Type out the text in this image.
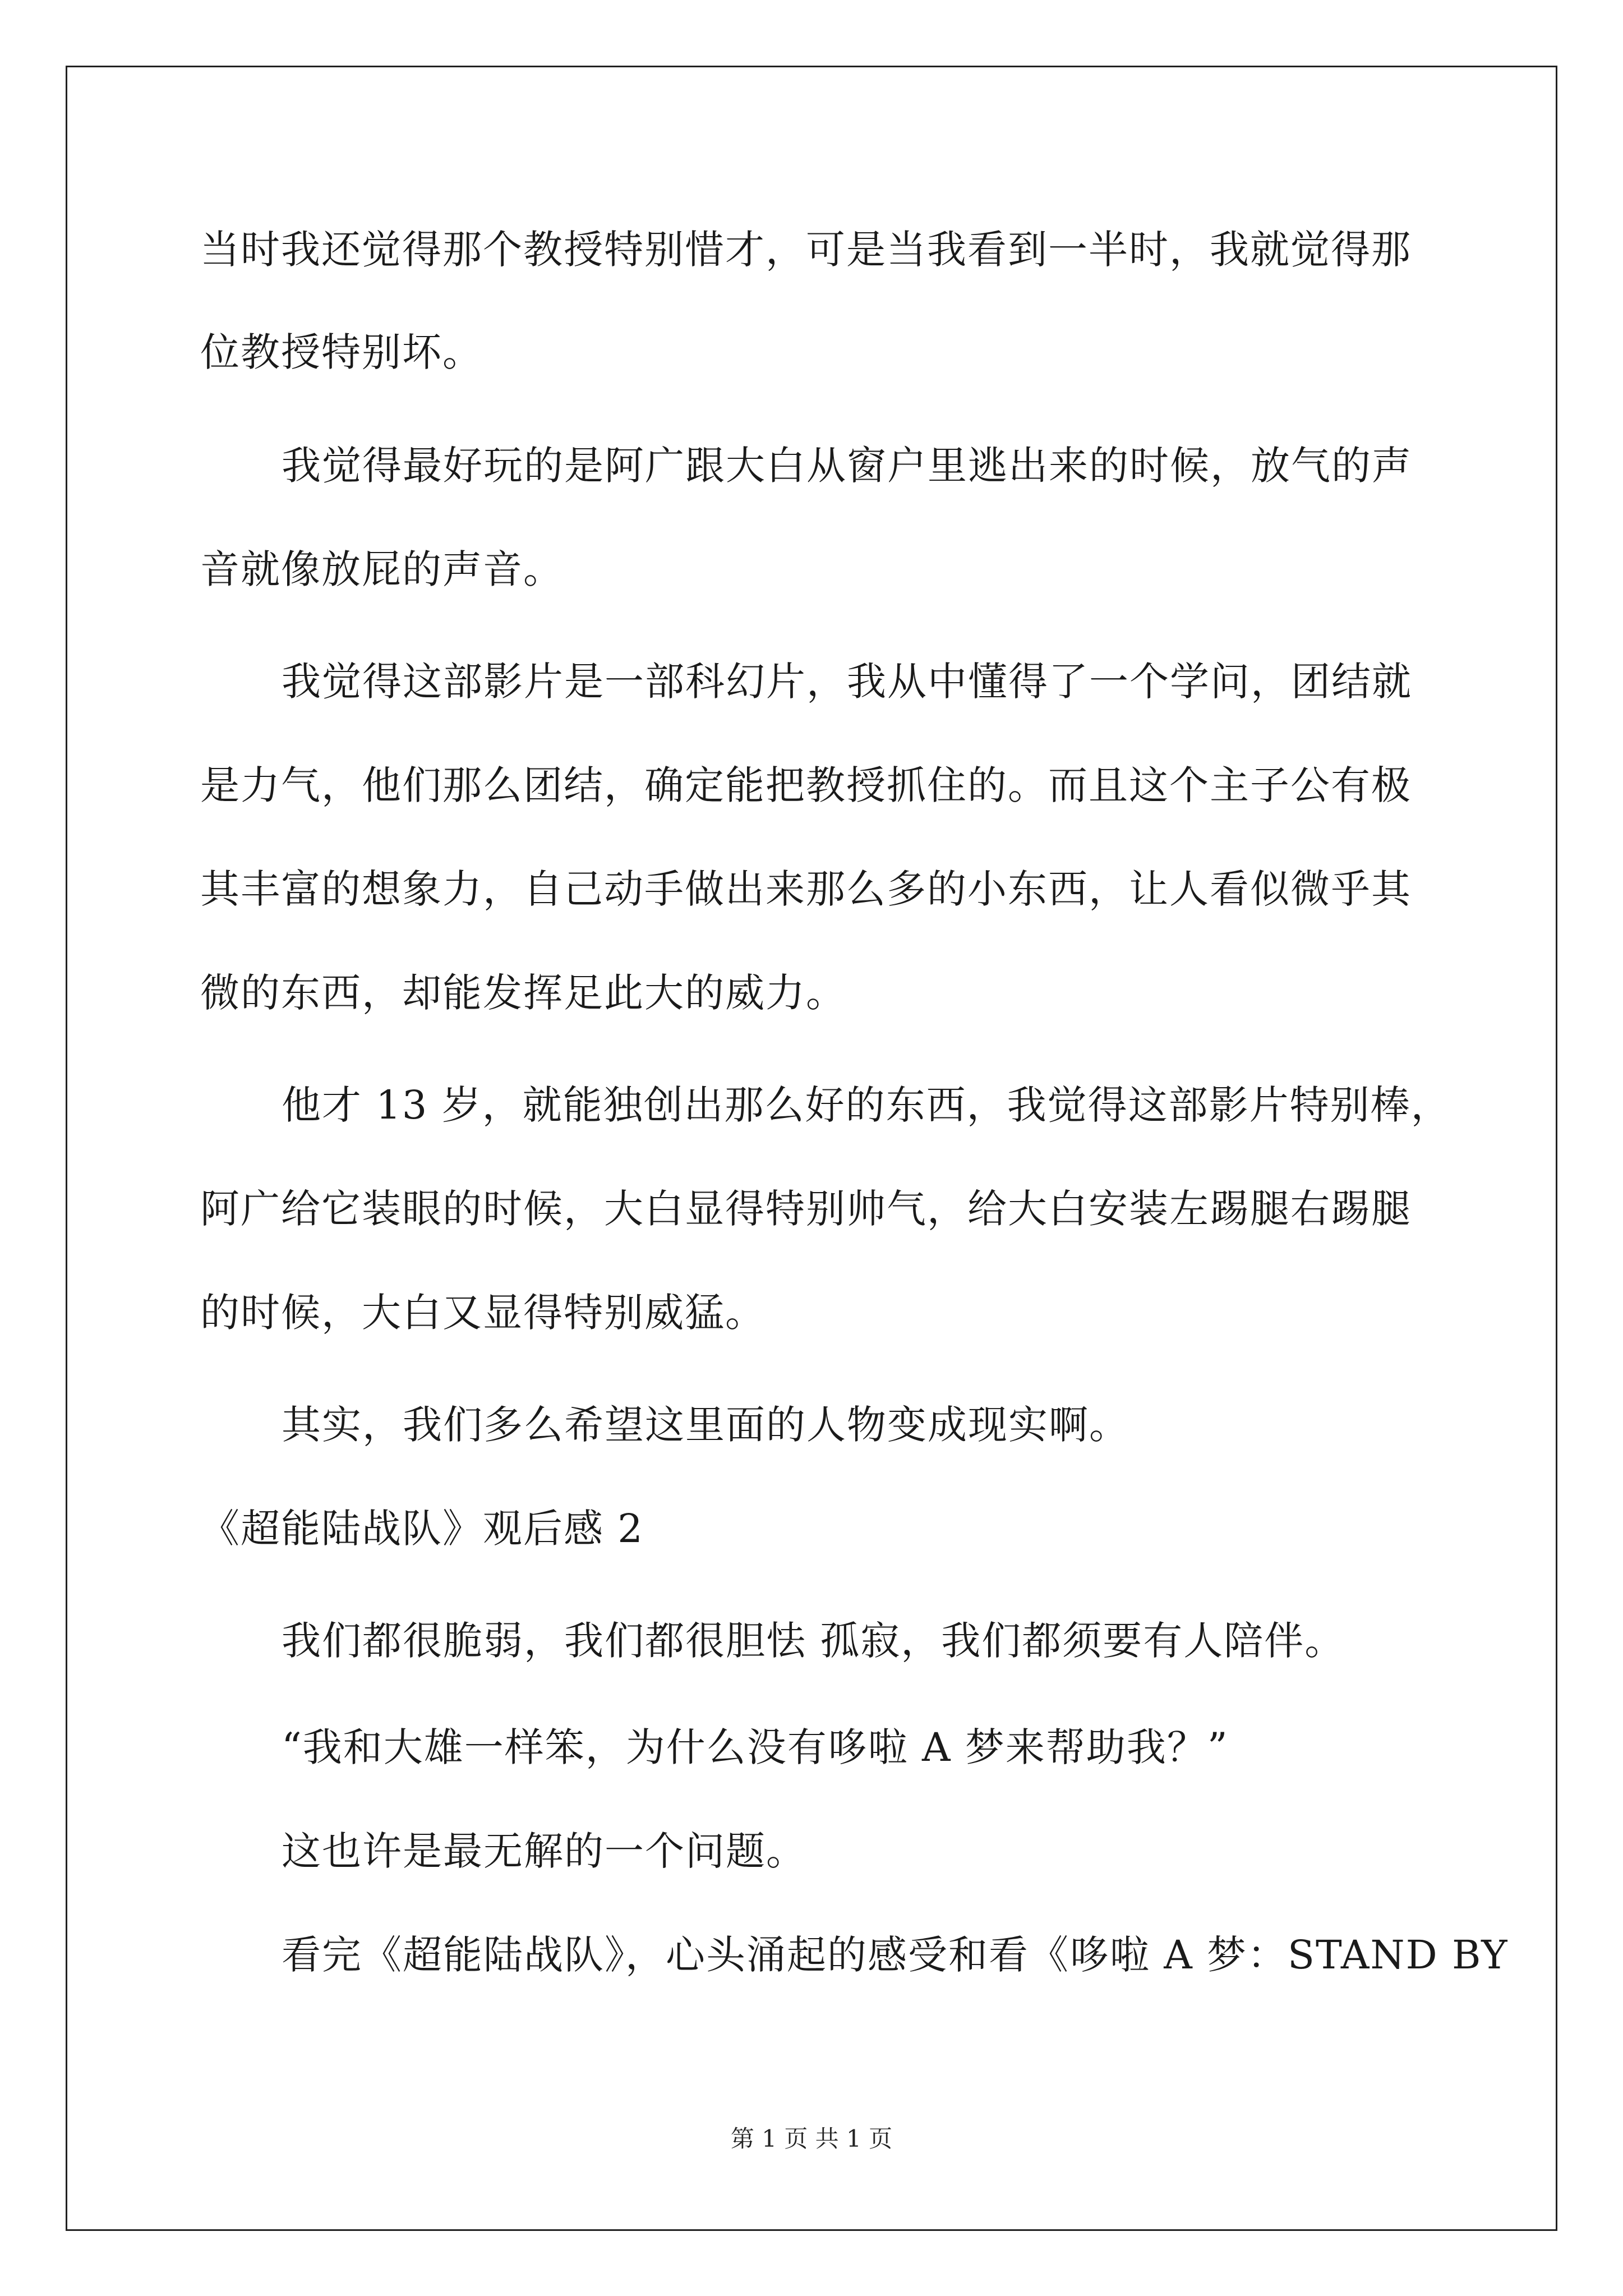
当时我还觉得那个教授特别惜才，可是当我看到一半时，我就觉得那
位教授特别坏。
我觉得最好玩的是阿广跟大白从窗户里逃出来的时候，放气的声
音就像放屁的声音。
我觉得这部影片是一部科幻片，我从中懂得了一个学问，团结就
是力气，他们那么团结，确定能把教授抓住的。而且这个主子公有极
其丰富的想象力，自己动手做出来那么多的小东西，让人看似微乎其
微的东西，却能发挥足此大的威力。
他才 13 岁，就能独创出那么好的东西，我觉得这部影片特别棒，
阿广给它装眼的时候，大白显得特别帅气，给大白安装左踢腿右踢腿
的时候，大白又显得特别威猛。
其实，我们多么希望这里面的人物变成现实啊。
《超能陆战队》观后感 2
我们都很脆弱，我们都很胆怯 孤寂，我们都须要有人陪伴。
“我和大雄一样笨，为什么没有哆啦 A 梦来帮助我？”
这也许是最无解的一个问题。
看完《超能陆战队》，心头涌起的感受和看《哆啦 A 梦：STAND BY
第 1 页 共 1 页
